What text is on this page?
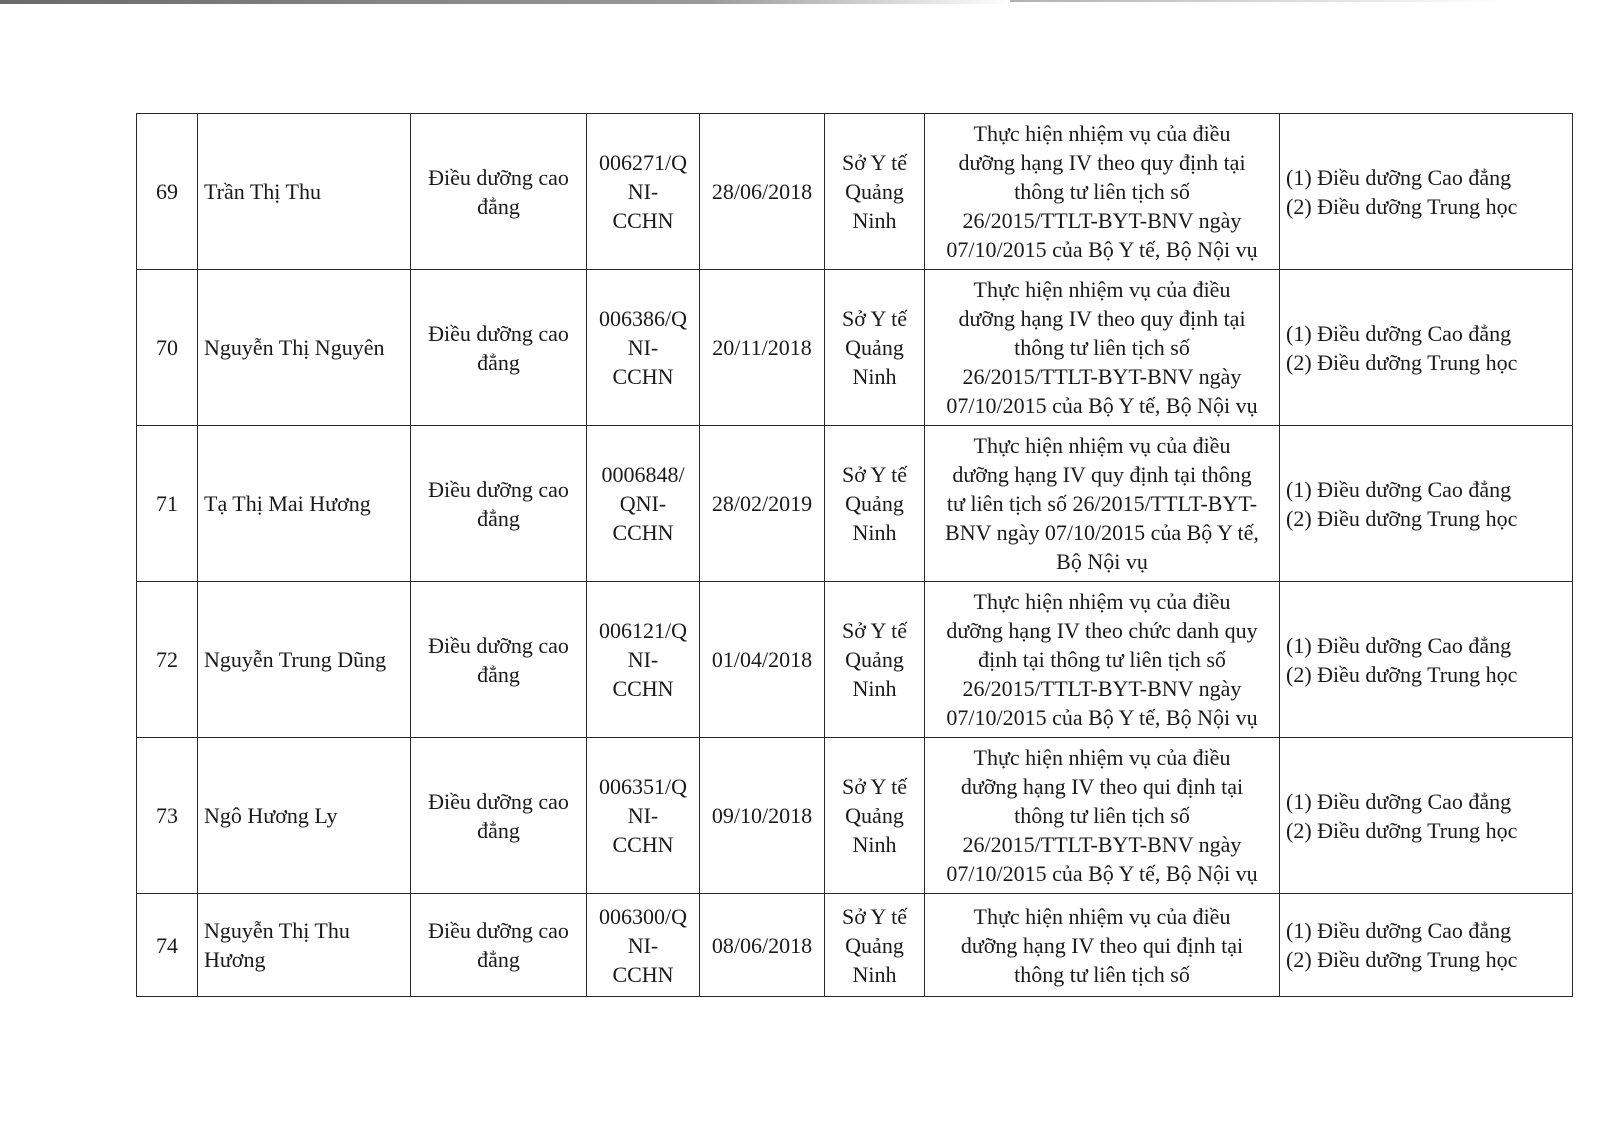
69	Trần Thị Thu	Điều dưỡng cao
đẳng	006271/Q
NI-
CCHN	28/06/2018	Sở Y tế
Quảng
Ninh	Thực hiện nhiệm vụ của điều
dưỡng hạng IV theo quy định tại
thông tư liên tịch số
26/2015/TTLT-BYT-BNV ngày
07/10/2015 của Bộ Y tế, Bộ Nội vụ	(1) Điều dưỡng Cao đẳng
(2) Điều dưỡng Trung học

70	Nguyễn Thị Nguyên	Điều dưỡng cao
đẳng	006386/Q
NI-
CCHN	20/11/2018	Sở Y tế
Quảng
Ninh	Thực hiện nhiệm vụ của điều
dưỡng hạng IV theo quy định tại
thông tư liên tịch số
26/2015/TTLT-BYT-BNV ngày
07/10/2015 của Bộ Y tế, Bộ Nội vụ	(1) Điều dưỡng Cao đẳng
(2) Điều dưỡng Trung học

71	Tạ Thị Mai Hương	Điều dưỡng cao
đẳng	0006848/
QNI-
CCHN	28/02/2019	Sở Y tế
Quảng
Ninh	Thực hiện nhiệm vụ của điều
dưỡng hạng IV quy định tại thông
tư liên tịch số 26/2015/TTLT-BYT-
BNV ngày 07/10/2015 của Bộ Y tế,
Bộ Nội vụ	(1) Điều dưỡng Cao đẳng
(2) Điều dưỡng Trung học

72	Nguyễn Trung Dũng	Điều dưỡng cao
đẳng	006121/Q
NI-
CCHN	01/04/2018	Sở Y tế
Quảng
Ninh	Thực hiện nhiệm vụ của điều
dưỡng hạng IV theo chức danh quy
định tại thông tư liên tịch số
26/2015/TTLT-BYT-BNV ngày
07/10/2015 của Bộ Y tế, Bộ Nội vụ	(1) Điều dưỡng Cao đẳng
(2) Điều dưỡng Trung học

73	Ngô Hương Ly	Điều dưỡng cao
đẳng	006351/Q
NI-
CCHN	09/10/2018	Sở Y tế
Quảng
Ninh	Thực hiện nhiệm vụ của điều
dưỡng hạng IV theo qui định tại
thông tư liên tịch số
26/2015/TTLT-BYT-BNV ngày
07/10/2015 của Bộ Y tế, Bộ Nội vụ	(1) Điều dưỡng Cao đẳng
(2) Điều dưỡng Trung học

74	Nguyễn Thị Thu
Hương	Điều dưỡng cao
đẳng	006300/Q
NI-
CCHN	08/06/2018	Sở Y tế
Quảng
Ninh	Thực hiện nhiệm vụ của điều
dưỡng hạng IV theo qui định tại
thông tư liên tịch số	(1) Điều dưỡng Cao đẳng
(2) Điều dưỡng Trung học
